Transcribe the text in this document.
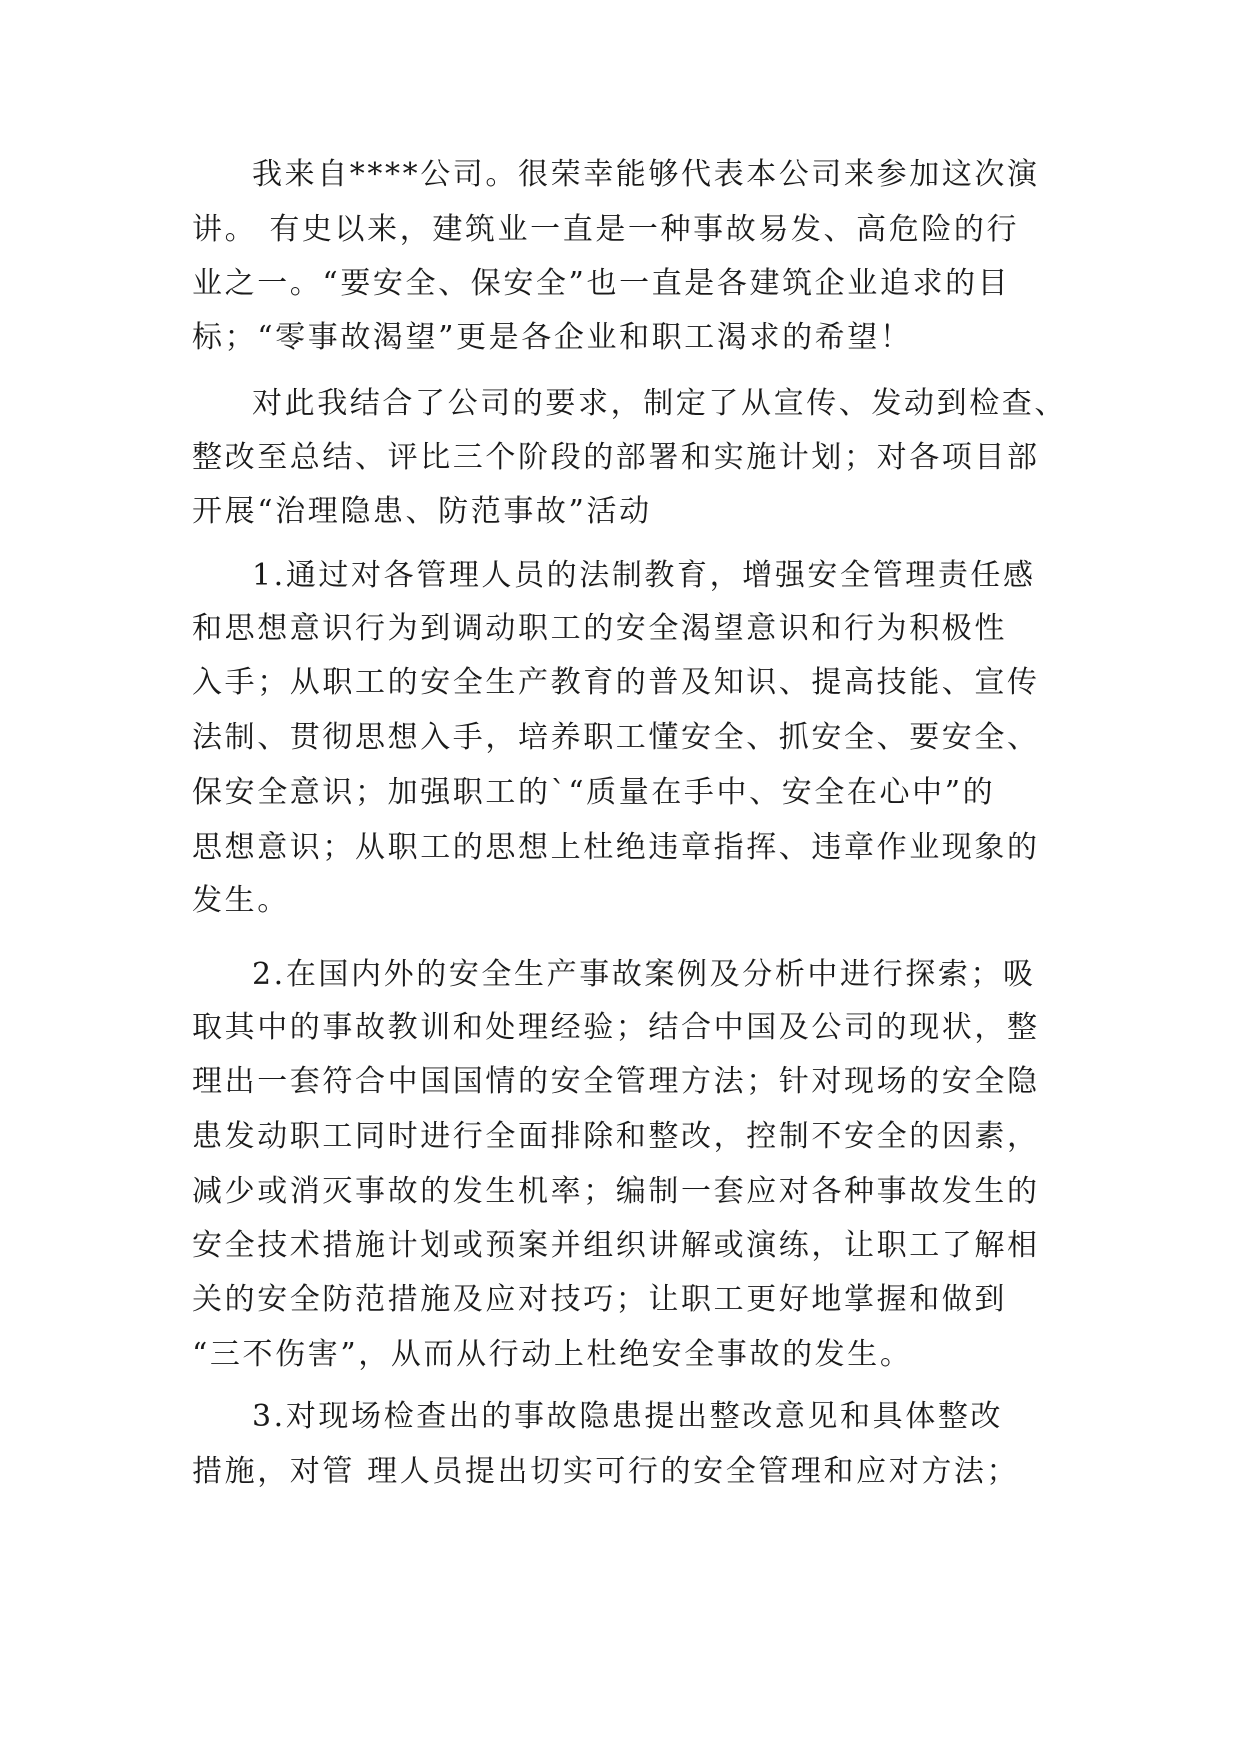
我来自****公司。很荣幸能够代表本公司来参加这次演
讲。 有史以来，建筑业一直是一种事故易发、高危险的行
业之一。“要安全、保安全”也一直是各建筑企业追求的目
标；“零事故渴望”更是各企业和职工渴求的希望！
对此我结合了公司的要求，制定了从宣传、发动到检查、
整改至总结、评比三个阶段的部署和实施计划；对各项目部
开展“治理隐患、防范事故”活动
1.通过对各管理人员的法制教育，增强安全管理责任感
和思想意识行为到调动职工的安全渴望意识和行为积极性
入手；从职工的安全生产教育的普及知识、提高技能、宣传
法制、贯彻思想入手，培养职工懂安全、抓安全、要安全、
保安全意识；加强职工的`“质量在手中、安全在心中”的
思想意识；从职工的思想上杜绝违章指挥、违章作业现象的
发生。
2.在国内外的安全生产事故案例及分析中进行探索；吸
取其中的事故教训和处理经验；结合中国及公司的现状，整
理出一套符合中国国情的安全管理方法；针对现场的安全隐
患发动职工同时进行全面排除和整改，控制不安全的因素，
减少或消灭事故的发生机率；编制一套应对各种事故发生的
安全技术措施计划或预案并组织讲解或演练，让职工了解相
关的安全防范措施及应对技巧；让职工更好地掌握和做到
“三不伤害”，从而从行动上杜绝安全事故的发生。
3.对现场检查出的事故隐患提出整改意见和具体整改
措施，对管 理人员提出切实可行的安全管理和应对方法；
